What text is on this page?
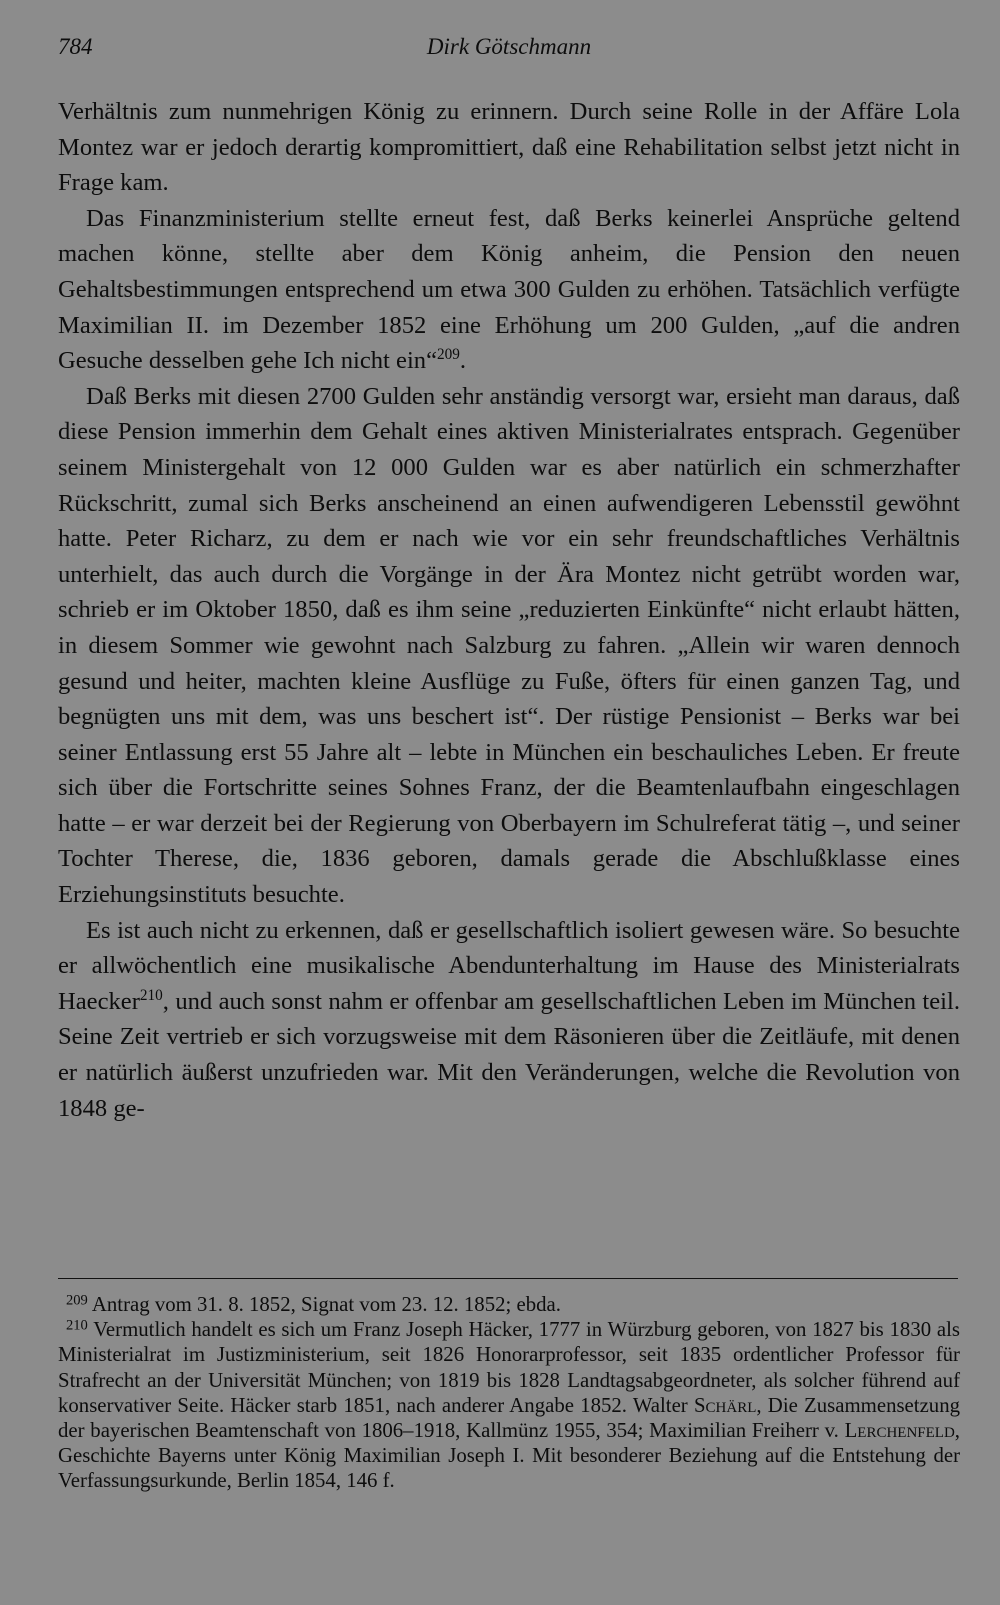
784	Dirk Götschmann

Verhältnis zum nunmehrigen König zu erinnern. Durch seine Rolle in der Affäre Lola Montez war er jedoch derartig kompromittiert, daß eine Rehabilitation selbst jetzt nicht in Frage kam.

Das Finanzministerium stellte erneut fest, daß Berks keinerlei Ansprüche geltend machen könne, stellte aber dem König anheim, die Pension den neuen Gehaltsbestimmungen entsprechend um etwa 300 Gulden zu erhöhen. Tatsächlich verfügte Maximilian II. im Dezember 1852 eine Erhöhung um 200 Gulden, „auf die andren Gesuche desselben gehe Ich nicht ein“$^{209}$.

Daß Berks mit diesen 2700 Gulden sehr anständig versorgt war, ersieht man daraus, daß diese Pension immerhin dem Gehalt eines aktiven Ministerialrates entsprach. Gegenüber seinem Ministergehalt von 12 000 Gulden war es aber natürlich ein schmerzhafter Rückschritt, zumal sich Berks anscheinend an einen aufwendigeren Lebensstil gewöhnt hatte. Peter Richarz, zu dem er nach wie vor ein sehr freundschaftliches Verhältnis unterhielt, das auch durch die Vorgänge in der Ära Montez nicht getrübt worden war, schrieb er im Oktober 1850, daß es ihm seine „reduzierten Einkünfte“ nicht erlaubt hätten, in diesem Sommer wie gewohnt nach Salzburg zu fahren. „Allein wir waren dennoch gesund und heiter, machten kleine Ausflüge zu Fuße, öfters für einen ganzen Tag, und begnügten uns mit dem, was uns beschert ist“. Der rüstige Pensionist – Berks war bei seiner Entlassung erst 55 Jahre alt – lebte in München ein beschauliches Leben. Er freute sich über die Fortschritte seines Sohnes Franz, der die Beamtenlaufbahn eingeschlagen hatte – er war derzeit bei der Regierung von Oberbayern im Schulreferat tätig –, und seiner Tochter Therese, die, 1836 geboren, damals gerade die Abschlußklasse eines Erziehungsinstituts besuchte.

Es ist auch nicht zu erkennen, daß er gesellschaftlich isoliert gewesen wäre. So besuchte er allwöchentlich eine musikalische Abendunterhaltung im Hause des Ministerialrats Haecker$^{210}$, und auch sonst nahm er offenbar am gesellschaftlichen Leben im München teil. Seine Zeit vertrieb er sich vorzugsweise mit dem Räsonieren über die Zeitläufe, mit denen er natürlich äußerst unzufrieden war. Mit den Veränderungen, welche die Revolution von 1848 ge-

$^{209}$ Antrag vom 31. 8. 1852, Signat vom 23. 12. 1852; ebda.

$^{210}$ Vermutlich handelt es sich um Franz Joseph Häcker, 1777 in Würzburg geboren, von 1827 bis 1830 als Ministerialrat im Justizministerium, seit 1826 Honorarprofessor, seit 1835 ordentlicher Professor für Strafrecht an der Universität München; von 1819 bis 1828 Landtagsabgeordneter, als solcher führend auf konservativer Seite. Häcker starb 1851, nach anderer Angabe 1852. Walter Schärl, Die Zusammensetzung der bayerischen Beamtenschaft von 1806–1918, Kallmünz 1955, 354; Maximilian Freiherr v. Lerchenfeld, Geschichte Bayerns unter König Maximilian Joseph I. Mit besonderer Beziehung auf die Entstehung der Verfassungsurkunde, Berlin 1854, 146 f.
